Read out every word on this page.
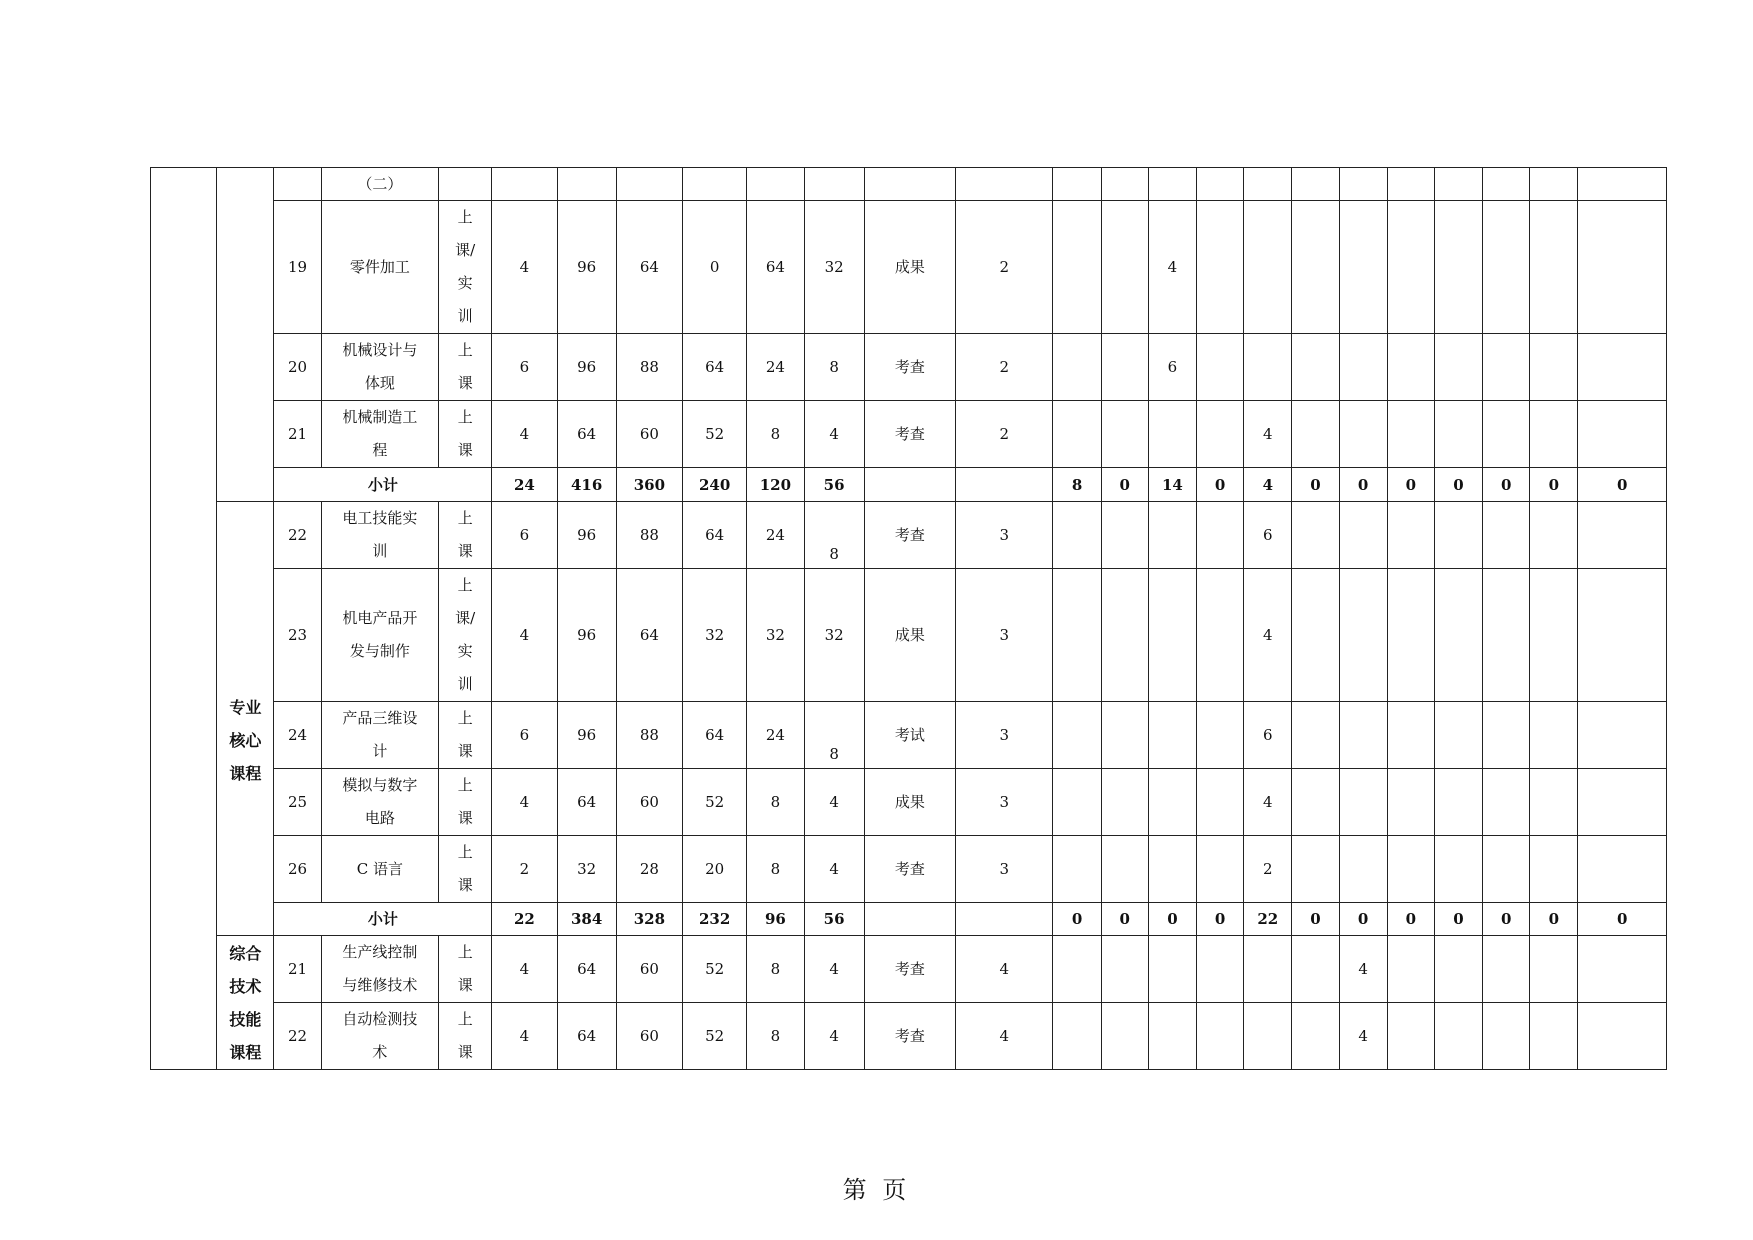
			（二）																					
		19	零件加工	上
课/
实
训	4	96	64	0	64	32	成果	2			4									
		20	机械设计与
体现	上
课	6	96	88	64	24	8	考查	2			6									
		21	机械制造工
程	上
课	4	64	60	52	8	4	考查	2					4							
		小计			24	416	360	240	120	56			8	0	14	0	4	0	0	0	0	0	0	0
	专业
核心
课程	22	电工技能实
训	上
课	6	96	88	64	24	8	考查	3					6							
		23	机电产品开
发与制作	上
课/
实
训	4	96	64	32	32	32	成果	3					4							
		24	产品三维设
计	上
课	6	96	88	64	24	8	考试	3					6							
		25	模拟与数字
电路	上
课	4	64	60	52	8	4	成果	3					4							
		26	C 语言	上
课	2	32	28	20	8	4	考查	3					2							
		小计			22	384	328	232	96	56			0	0	0	0	22	0	0	0	0	0	0	0
	综合
技术
技能
课程	21	生产线控制
与维修技术	上
课	4	64	60	52	8	4	考查	4							4					
		22	自动检测技
术	上
课	4	64	60	52	8	4	考查	4							4					
第 页
